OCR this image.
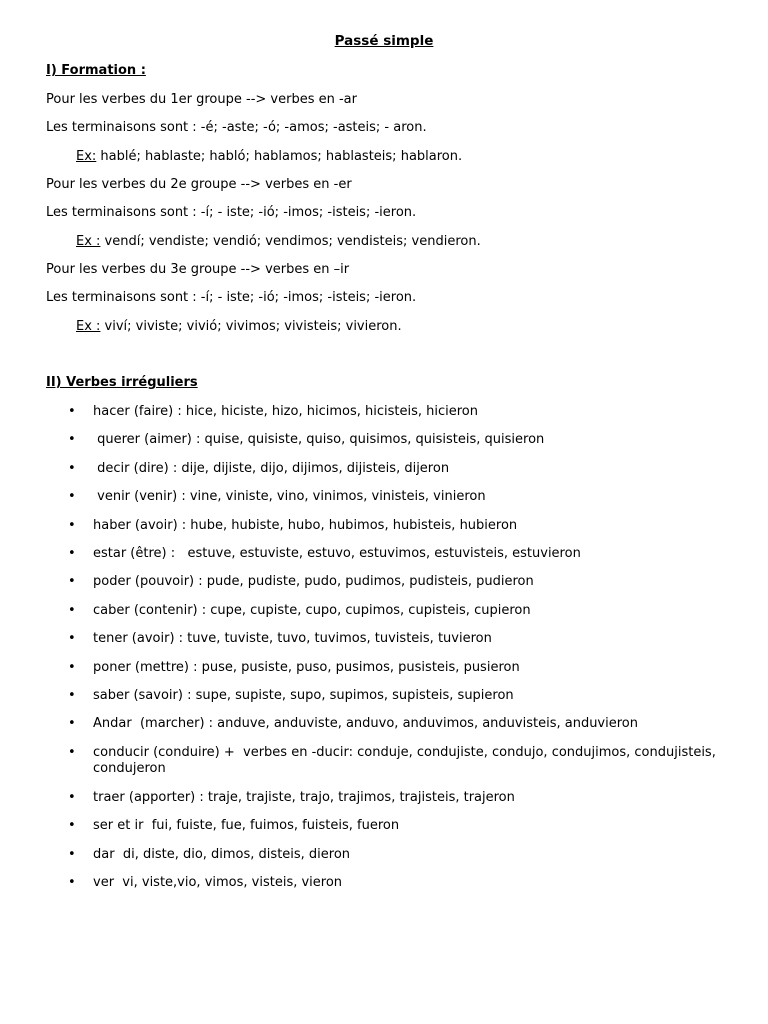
Passé simple
I) Formation :
Pour les verbes du 1er groupe --> verbes en -ar
Les terminaisons sont : -é; -aste; -ó; -amos; -asteis; - aron.
Ex: hablé; hablaste; habló; hablamos; hablasteis; hablaron.
Pour les verbes du 2e groupe --> verbes en -er
Les terminaisons sont : -í; - iste; -ió; -imos; -isteis; -ieron.
Ex : vendí; vendiste; vendió; vendimos; vendisteis; vendieron.
Pour les verbes du 3e groupe --> verbes en –ir
Les terminaisons sont : -í; - iste; -ió; -imos; -isteis; -ieron.
Ex : viví; viviste; vivió; vivimos; vivisteis; vivieron.
II) Verbes irréguliers
• hacer (faire) : hice, hiciste, hizo, hicimos, hicisteis, hicieron
• querer (aimer) : quise, quisiste, quiso, quisimos, quisisteis, quisieron
• decir (dire) : dije, dijiste, dijo, dijimos, dijisteis, dijeron
• venir (venir) : vine, viniste, vino, vinimos, vinisteis, vinieron
• haber (avoir) : hube, hubiste, hubo, hubimos, hubisteis, hubieron
• estar (être) :   estuve, estuviste, estuvo, estuvimos, estuvisteis, estuvieron
• poder (pouvoir) : pude, pudiste, pudo, pudimos, pudisteis, pudieron
• caber (contenir) : cupe, cupiste, cupo, cupimos, cupisteis, cupieron
• tener (avoir) : tuve, tuviste, tuvo, tuvimos, tuvisteis, tuvieron
• poner (mettre) : puse, pusiste, puso, pusimos, pusisteis, pusieron
• saber (savoir) : supe, supiste, supo, supimos, supisteis, supieron
• Andar  (marcher) : anduve, anduviste, anduvo, anduvimos, anduvisteis, anduvieron
• conducir (conduire) +  verbes en -ducir: conduje, condujiste, condujo, condujimos, condujisteis, condujeron
• traer (apporter) : traje, trajiste, trajo, trajimos, trajisteis, trajeron
• ser et ir  fui, fuiste, fue, fuimos, fuisteis, fueron
• dar  di, diste, dio, dimos, disteis, dieron
• ver  vi, viste,vio, vimos, visteis, vieron
